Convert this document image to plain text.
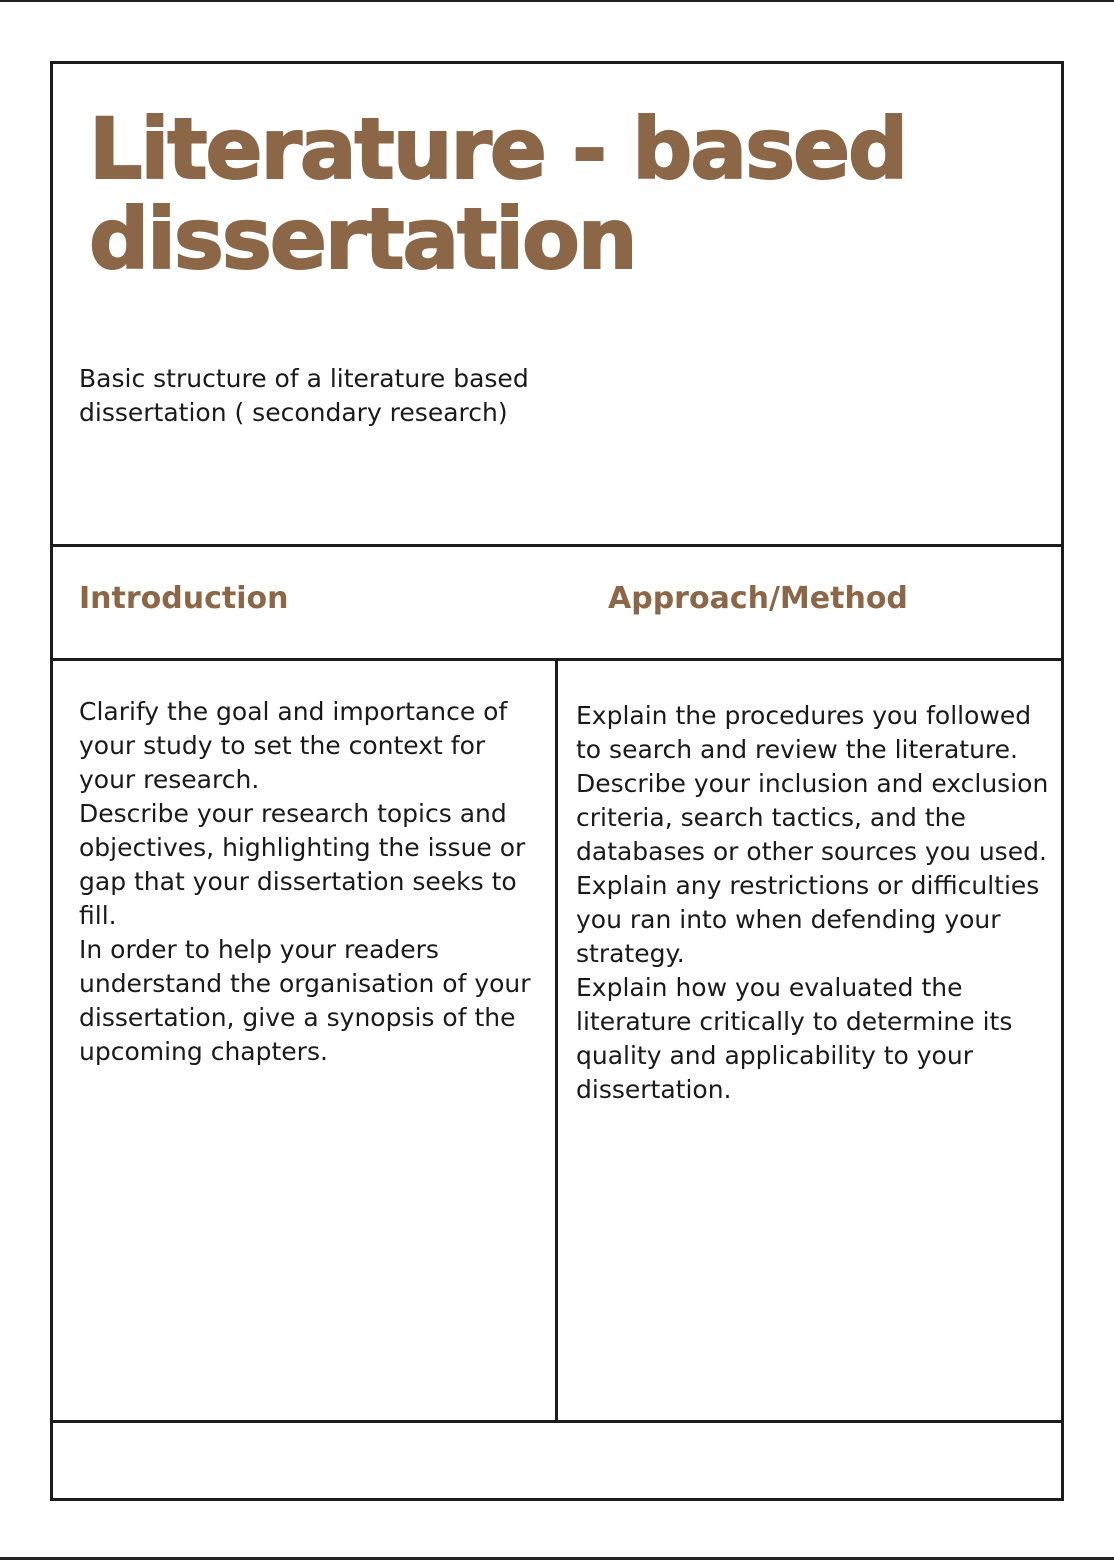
Literature - based
dissertation
Basic structure of a literature based
dissertation ( secondary research)
Introduction	Approach/Method

Clarify the goal and importance of your study to set the context for your research.

Describe your research topics and objectives, highlighting the issue or gap that your dissertation seeks to fill.

In order to help your readers understand the organisation of your dissertation, give a synopsis of the upcoming chapters.

Explain the procedures you followed to search and review the literature.

Describe your inclusion and exclusion criteria, search tactics, and the databases or other sources you used.

Explain any restrictions or difficulties you ran into when defending your strategy.

Explain how you evaluated the literature critically to determine its quality and applicability to your dissertation.
